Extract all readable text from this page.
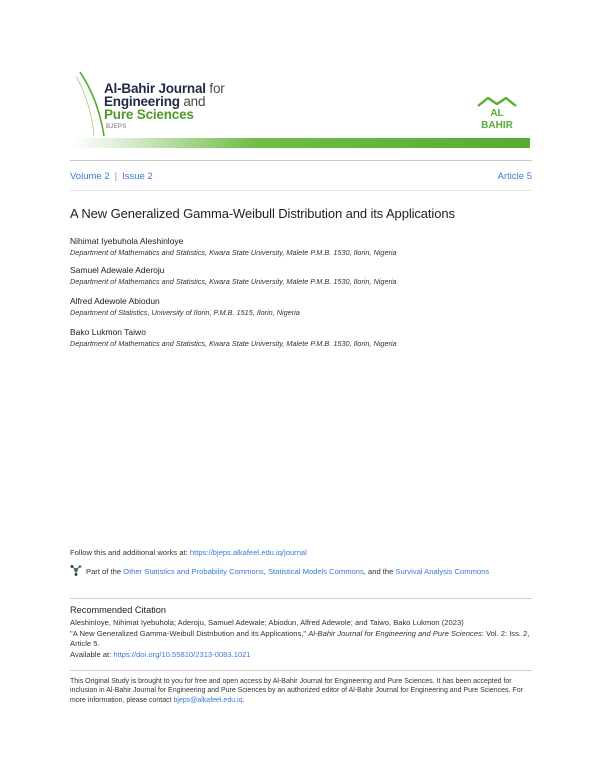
Al-Bahir Journal for
Engineering and
Pure Sciences
BJEPS
AL
BAHIR
Volume 2 | Issue 2	Article 5
A New Generalized Gamma-Weibull Distribution and its Applications
Nihimat Iyebuhola Aleshinloye
Department of Mathematics and Statistics, Kwara State University, Malete P.M.B. 1530, Ilorin, Nigeria
Samuel Adewale Aderoju
Department of Mathematics and Statistics, Kwara State University, Malete P.M.B. 1530, Ilorin, Nigeria
Alfred Adewole Abiodun
Department of Statistics, University of Ilorin, P.M.B. 1515, Ilorin, Nigeria
Bako Lukmon Taiwo
Department of Mathematics and Statistics, Kwara State University, Malete P.M.B. 1530, Ilorin, Nigeria
Follow this and additional works at: https://bjeps.alkafeel.edu.iq/journal
Part of the Other Statistics and Probability Commons, Statistical Models Commons, and the Survival Analysis Commons
Recommended Citation
Aleshinloye, Nihimat Iyebuhola; Aderoju, Samuel Adewale; Abiodun, Alfred Adewole; and Taiwo, Bako Lukmon (2023)
"A New Generalized Gamma-Weibull Distribution and its Applications," Al-Bahir Journal for Engineering and Pure Sciences: Vol. 2: Iss. 2, Article 5.
Available at: https://doi.org/10.55810/2313-0083.1021
This Original Study is brought to you for free and open access by Al-Bahir Journal for Engineering and Pure Sciences. It has been accepted for inclusion in Al-Bahir Journal for Engineering and Pure Sciences by an authorized editor of Al-Bahir Journal for Engineering and Pure Sciences. For more information, please contact bjeps@alkafeel.edu.iq.
